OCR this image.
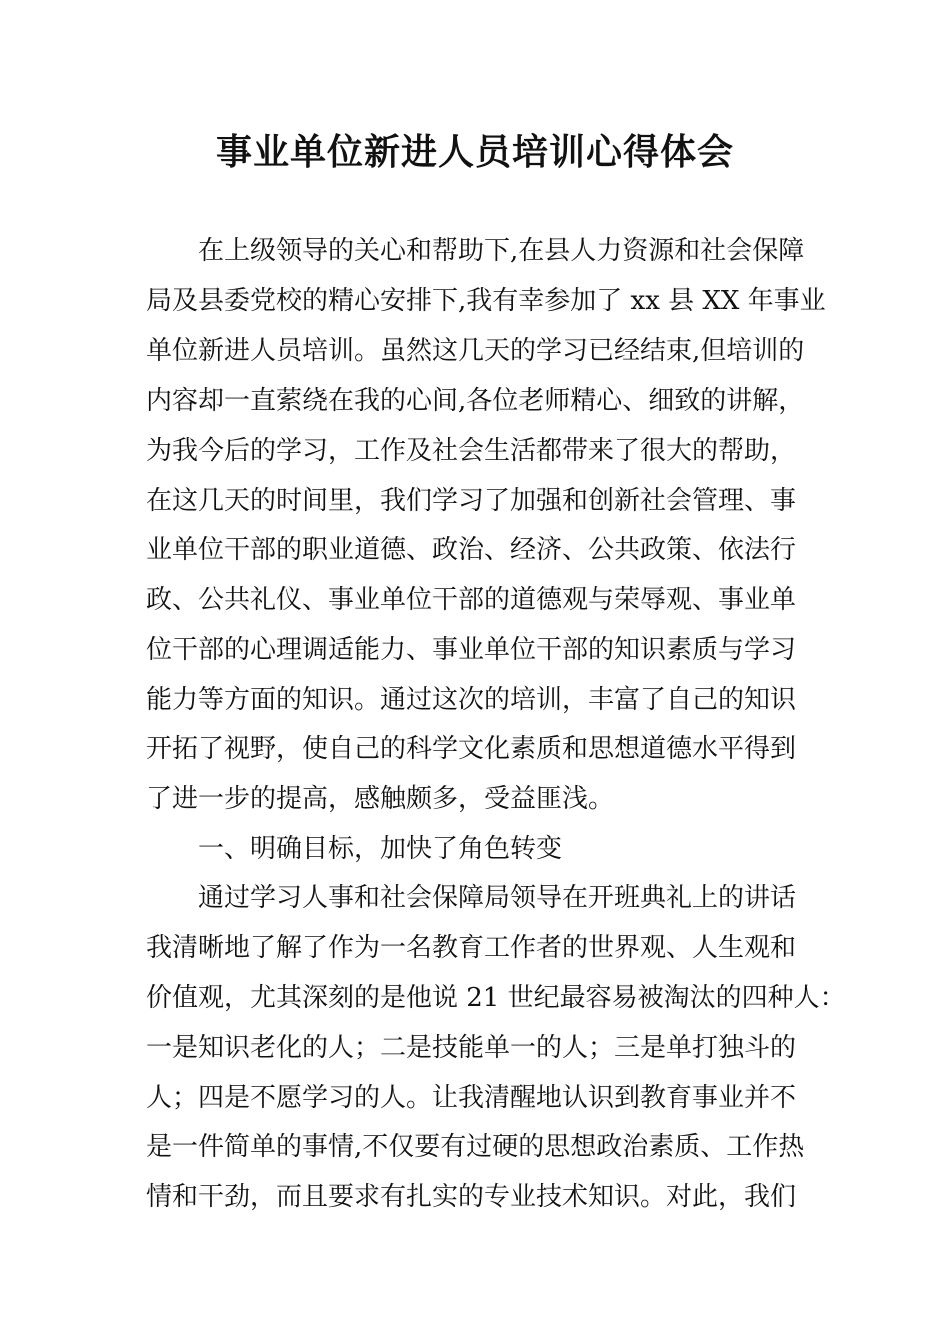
事业单位新进人员培训心得体会

在上级领导的关心和帮助下,在县人力资源和社会保障

局及县委党校的精心安排下,我有幸参加了 xx 县 XX 年事业

单位新进人员培训。虽然这几天的学习已经结束,但培训的

内容却一直萦绕在我的心间,各位老师精心、细致的讲解，

为我今后的学习，工作及社会生活都带来了很大的帮助，

在这几天的时间里，我们学习了加强和创新社会管理、事

业单位干部的职业道德、政治、经济、公共政策、依法行

政、公共礼仪、事业单位干部的道德观与荣辱观、事业单

位干部的心理调适能力、事业单位干部的知识素质与学习

能力等方面的知识。通过这次的培训，丰富了自己的知识

开拓了视野，使自己的科学文化素质和思想道德水平得到

了进一步的提高，感触颇多，受益匪浅。

一、明确目标，加快了角色转变

通过学习人事和社会保障局领导在开班典礼上的讲话

我清晰地了解了作为一名教育工作者的世界观、人生观和

价值观，尤其深刻的是他说 21 世纪最容易被淘汰的四种人：

一是知识老化的人；二是技能单一的人；三是单打独斗的

人；四是不愿学习的人。让我清醒地认识到教育事业并不

是一件简单的事情,不仅要有过硬的思想政治素质、工作热

情和干劲，而且要求有扎实的专业技术知识。对此，我们
